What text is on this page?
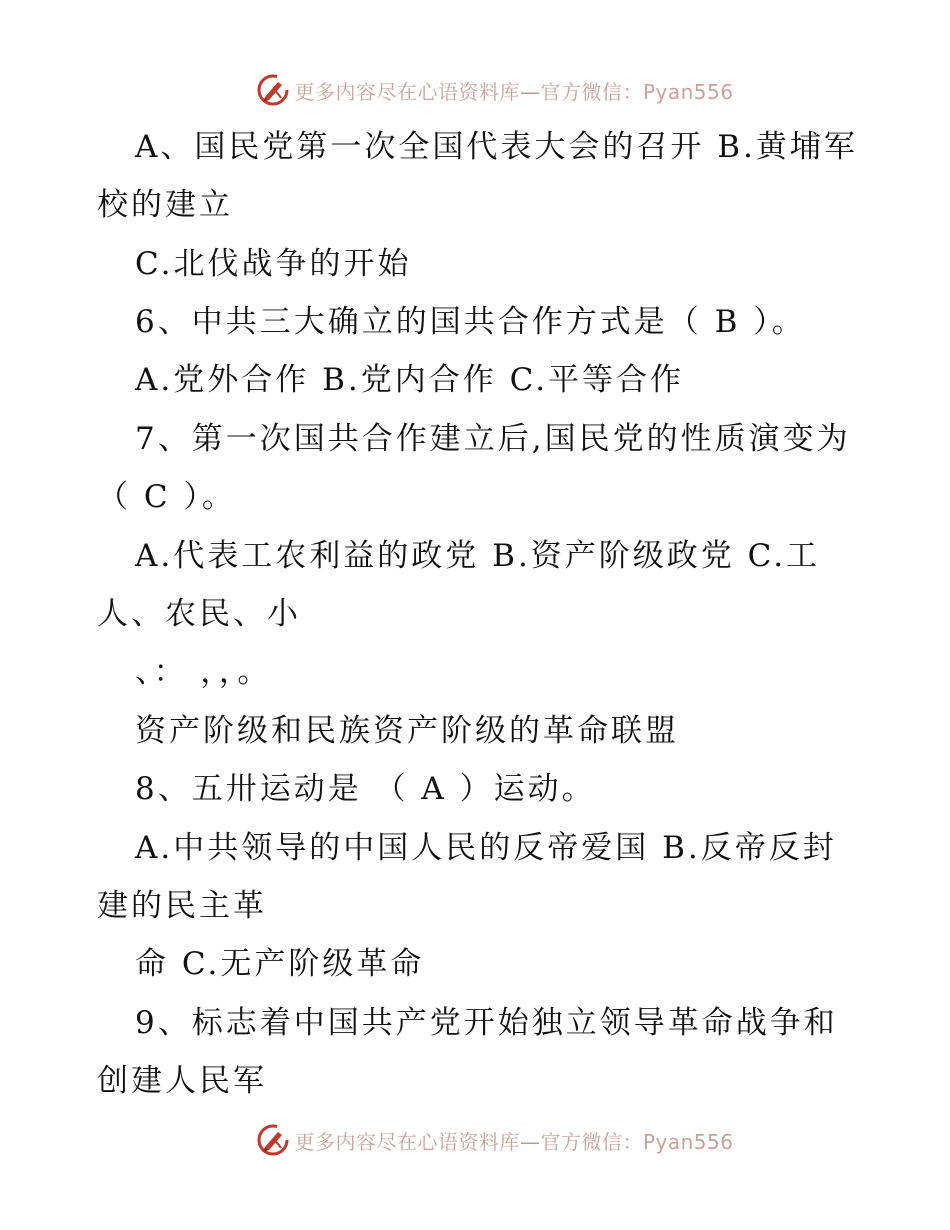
更多内容尽在心语资料库—官方微信：Pyan556
A、国民党第一次全国代表大会的召开 B.黄埔军
校的建立
C.北伐战争的开始
6、中共三大确立的国共合作方式是（ B ）。
A.党外合作 B.党内合作 C.平等合作
7、第一次国共合作建立后,国民党的性质演变为
（ C ）。
A.代表工农利益的政党 B.资产阶级政党 C.工
人、农民、小
、： ，，。
资产阶级和民族资产阶级的革命联盟
8、五卅运动是 （ A ）运动。
A.中共领导的中国人民的反帝爱国 B.反帝反封
建的民主革
命 C.无产阶级革命
9、标志着中国共产党开始独立领导革命战争和
创建人民军
更多内容尽在心语资料库—官方微信：Pyan556
